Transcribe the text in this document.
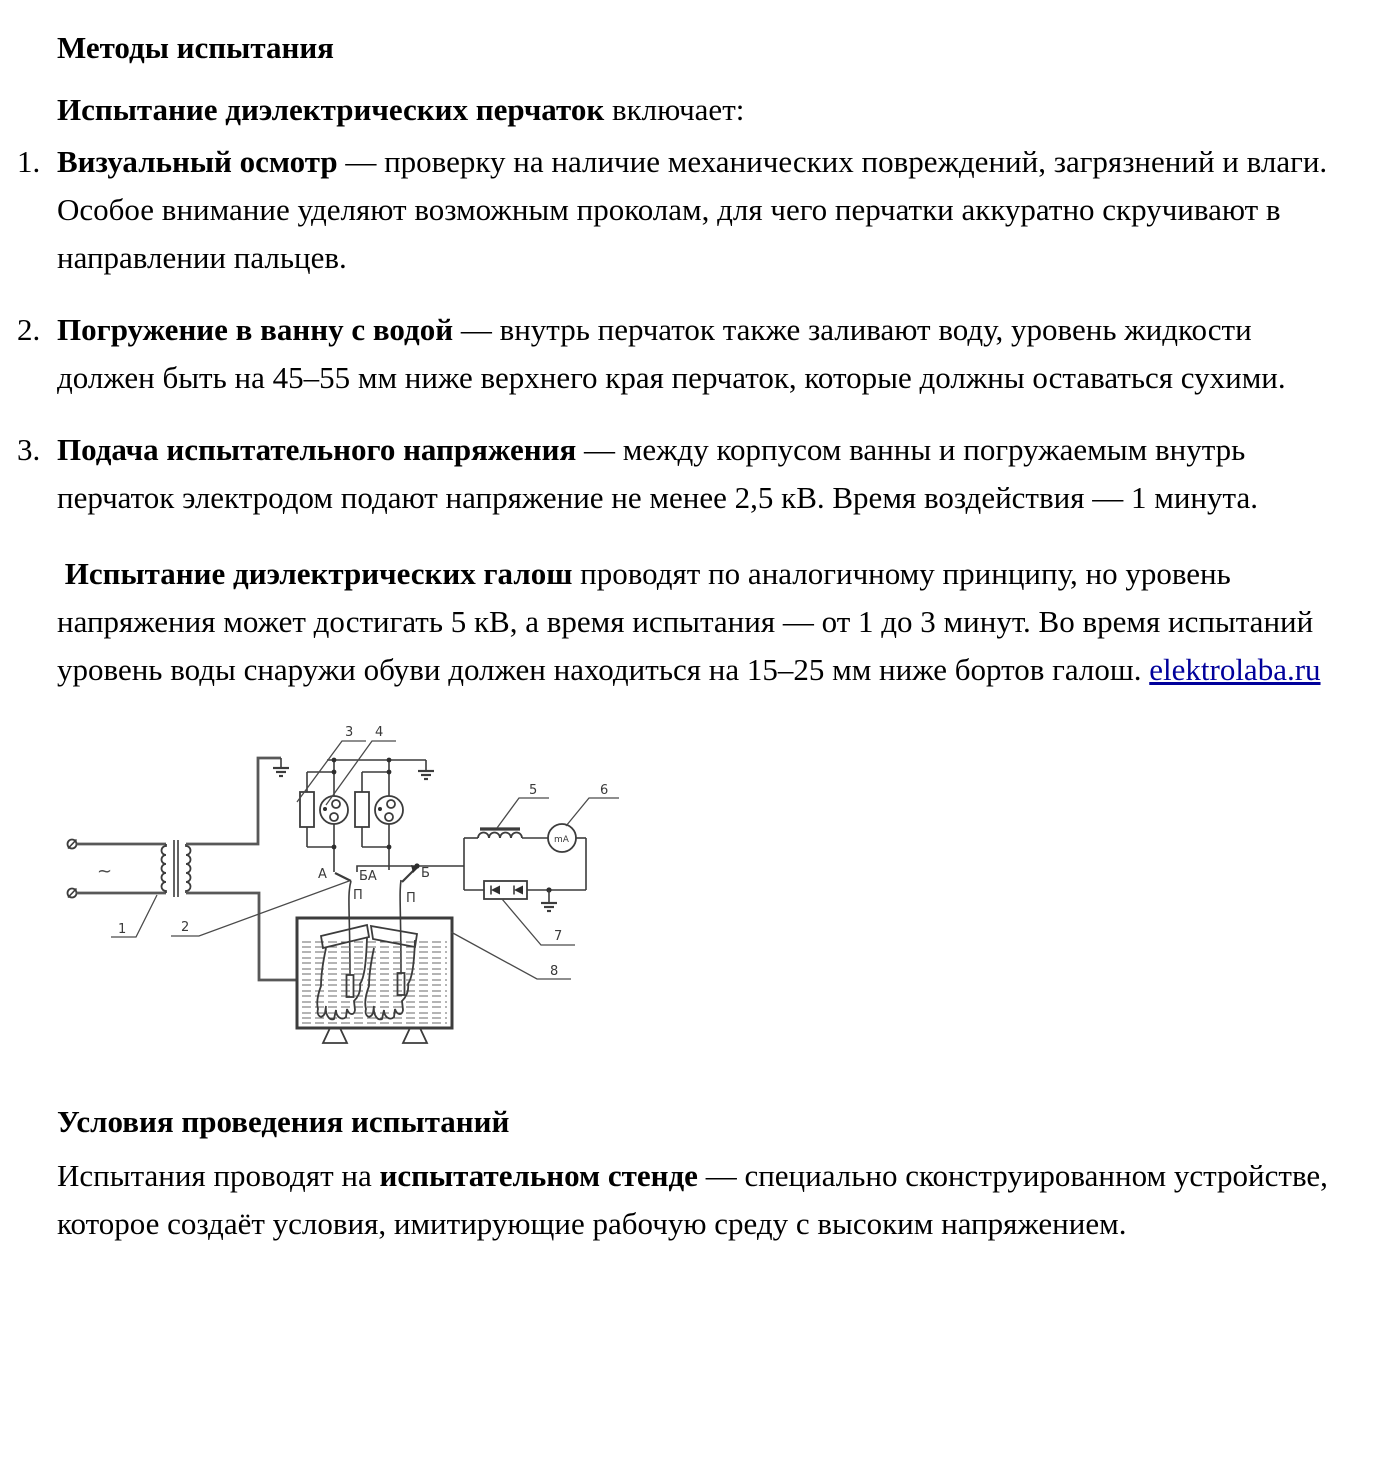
Методы испытания

Испытание диэлектрических перчаток включает:

1. Визуальный осмотр — проверку на наличие механических повреждений, загрязнений и влаги. Особое внимание уделяют возможным проколам, для чего перчатки аккуратно скручивают в направлении пальцев.
2. Погружение в ванну с водой — внутрь перчаток также заливают воду, уровень жидкости должен быть на 45–55 мм ниже верхнего края перчаток, которые должны оставаться сухими.
3. Подача испытательного напряжения — между корпусом ванны и погружаемым внутрь перчаток электродом подают напряжение не менее 2,5 кВ. Время воздействия — 1 минута.

Испытание диэлектрических галош проводят по аналогичному принципу, но уровень напряжения может достигать 5 кВ, а время испытания — от 1 до 3 минут. Во время испытаний уровень воды снаружи обуви должен находиться на 15–25 мм ниже бортов галош. elektrolaba.ru

~	А БА	Б
П	П
mA
1	2
3 4
5	6
7
8
Условия проведения испытаний

Испытания проводят на испытательном стенде — специально сконструированном устройстве, которое создаёт условия, имитирующие рабочую среду с высоким напряжением.
